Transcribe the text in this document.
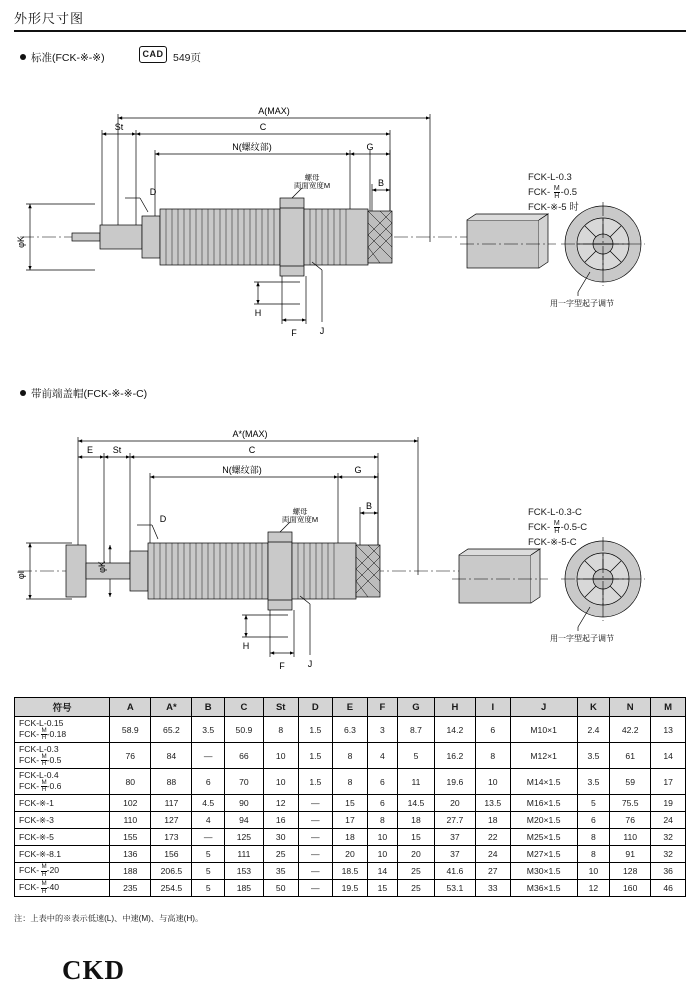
外形尺寸图
标准(FCK-※-※)	CAD 549页
A(MAX)
C
St
N(螺纹部)	G
B
D
H
F	J
φK
螺母
両面宽度M
用一字型起子调节
FCK-L-0.3
FCK- M

H -0.5
FCK-※-5 时
带前端盖帽(FCK-※-※-C)
A*(MAX)
C
St
E
N(螺纹部)	G
B
D
H
F	J
φI
φK
螺母
両面宽度M
用一字型起子调节
FCK-L-0.3-C
FCK- M

H -0.5-C
FCK-※-5-C
符号	A	A*	B	C	St	D	E	F	G	H	I	J	K	N	M
FCK-L-0.15
FCK- M

H -0.18	58.9	65.2	3.5	50.9	8	1.5	6.3	3	8.7	14.2	6	M10×1	2.4	42.2	13
FCK-L-0.3
FCK- M

H -0.5	76	84	—	66	10	1.5	8	4	5	16.2	8	M12×1	3.5	61	14
FCK-L-0.4
FCK- M

H -0.6	80	88	6	70	10	1.5	8	6	11	19.6	10	M14×1.5	3.5	59	17
FCK-※-1	102	117	4.5	90	12	—	15	6	14.5	20	13.5	M16×1.5	5	75.5	19
FCK-※-3	110	127	4	94	16	—	17	8	18	27.7	18	M20×1.5	6	76	24
FCK-※-5	155	173	—	125	30	—	18	10	15	37	22	M25×1.5	8	110	32
FCK-※-8.1	136	156	5	111	25	—	20	10	20	37	24	M27×1.5	8	91	32
FCK- M

H -20	188	206.5	5	153	35	—	18.5	14	25	41.6	27	M30×1.5	10	128	36
FCK- M

H -40	235	254.5	5	185	50	—	19.5	15	25	53.1	33	M36×1.5	12	160	46
注：上表中的※表示低速(L)、中速(M)、与高速(H)。
CKD
